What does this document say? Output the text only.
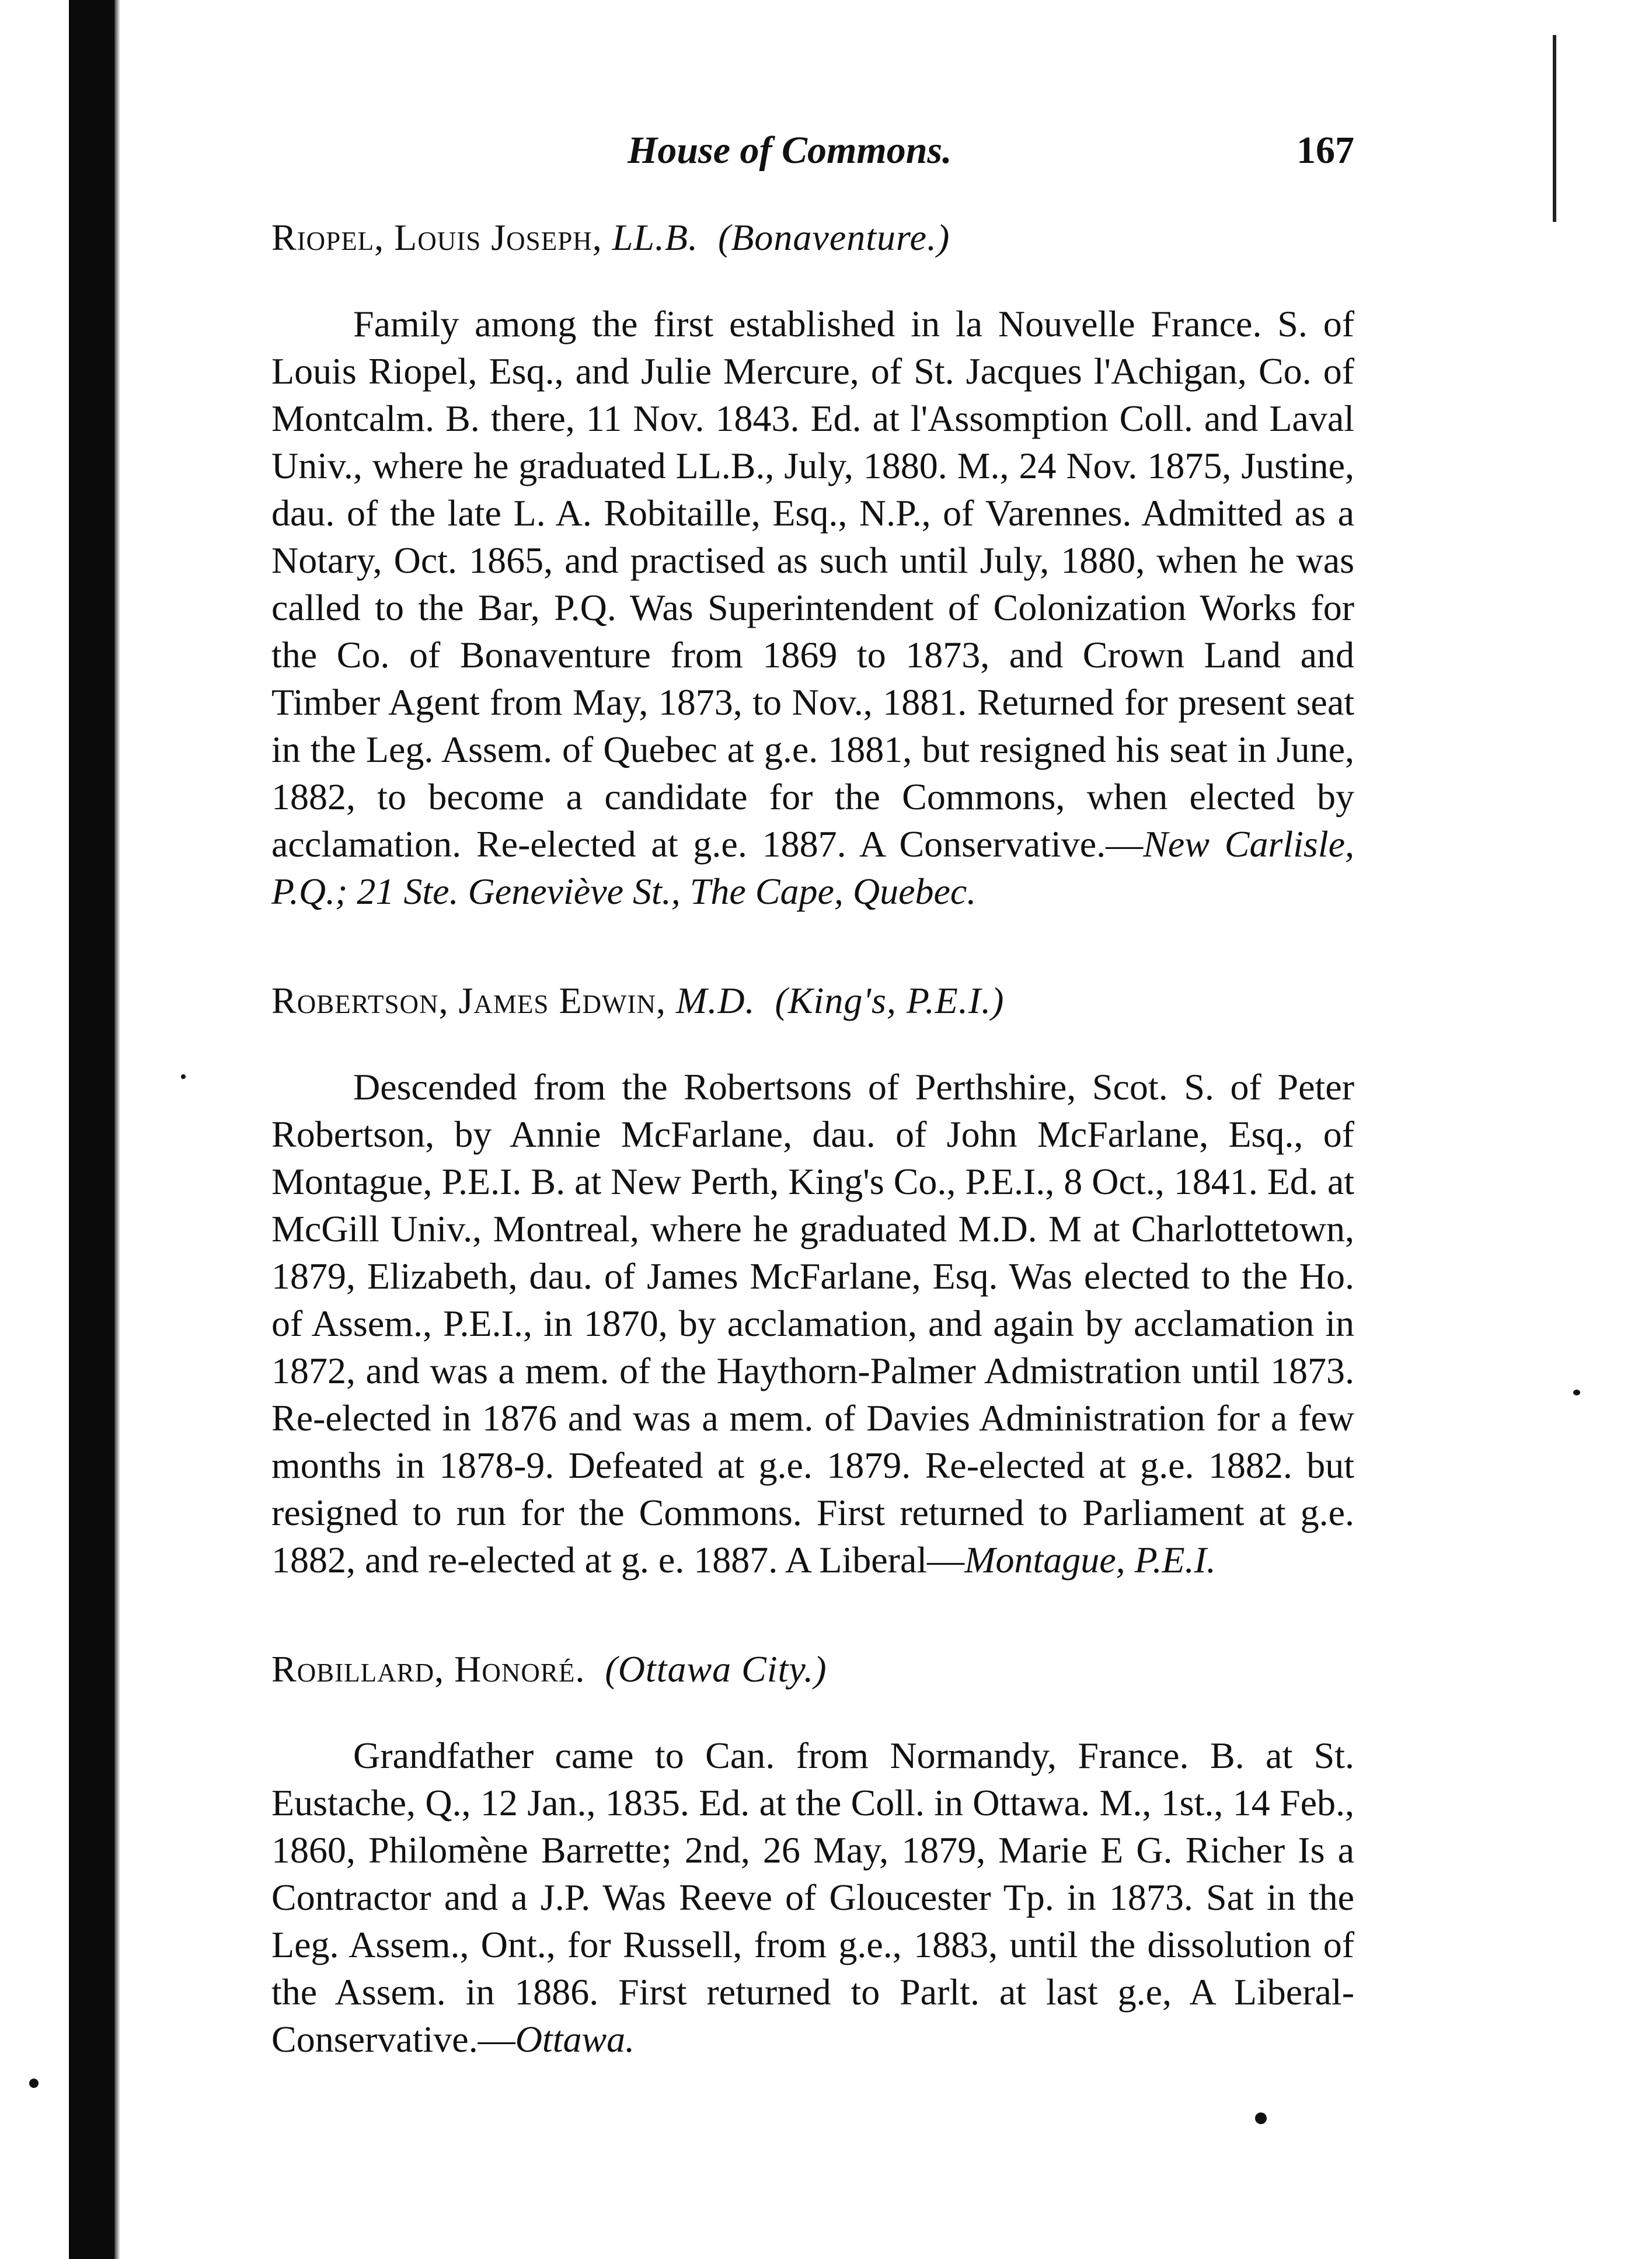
House of Commons.	167
Riopel, Louis Joseph, LL.B. (Bonaventure.)

Family among the first established in la Nouvelle France. S. of Louis Riopel, Esq., and Julie Mercure, of St. Jacques l'Achigan, Co. of Montcalm. B. there, 11 Nov. 1843. Ed. at l'Assomption Coll. and Laval Univ., where he graduated LL.B., July, 1880. M., 24 Nov. 1875, Justine, dau. of the late L. A. Robitaille, Esq., N.P., of Varennes. Admitted as a Notary, Oct. 1865, and practised as such until July, 1880, when he was called to the Bar, P.Q. Was Superintendent of Colonization Works for the Co. of Bonaventure from 1869 to 1873, and Crown Land and Timber Agent from May, 1873, to Nov., 1881. Returned for present seat in the Leg. Assem. of Quebec at g.e. 1881, but resigned his seat in June, 1882, to become a candidate for the Commons, when elected by acclamation. Re-elected at g.e. 1887. A Conservative.—New Carlisle, P.Q.; 21 Ste. Geneviève St., The Cape, Quebec.

Robertson, James Edwin, M.D. (King's, P.E.I.)

Descended from the Robertsons of Perthshire, Scot. S. of Peter Robertson, by Annie McFarlane, dau. of John McFarlane, Esq., of Montague, P.E.I. B. at New Perth, King's Co., P.E.I., 8 Oct., 1841. Ed. at McGill Univ., Montreal, where he graduated M.D. M at Charlottetown, 1879, Elizabeth, dau. of James McFarlane, Esq. Was elected to the Ho. of Assem., P.E.I., in 1870, by acclamation, and again by acclamation in 1872, and was a mem. of the Haythorn-Palmer Admistration until 1873. Re-elected in 1876 and was a mem. of Davies Administration for a few months in 1878-9. Defeated at g.e. 1879. Re-elected at g.e. 1882. but resigned to run for the Commons. First returned to Parliament at g.e. 1882, and re-elected at g. e. 1887. A Liberal—Montague, P.E.I.

Robillard, Honoré. (Ottawa City.)

Grandfather came to Can. from Normandy, France. B. at St. Eustache, Q., 12 Jan., 1835. Ed. at the Coll. in Ottawa. M., 1st., 14 Feb., 1860, Philomène Barrette; 2nd, 26 May, 1879, Marie E G. Richer Is a Contractor and a J.P. Was Reeve of Gloucester Tp. in 1873. Sat in the Leg. Assem., Ont., for Russell, from g.e., 1883, until the dissolution of the Assem. in 1886. First returned to Parlt. at last g.e, A Liberal-Conservative.—Ottawa.
